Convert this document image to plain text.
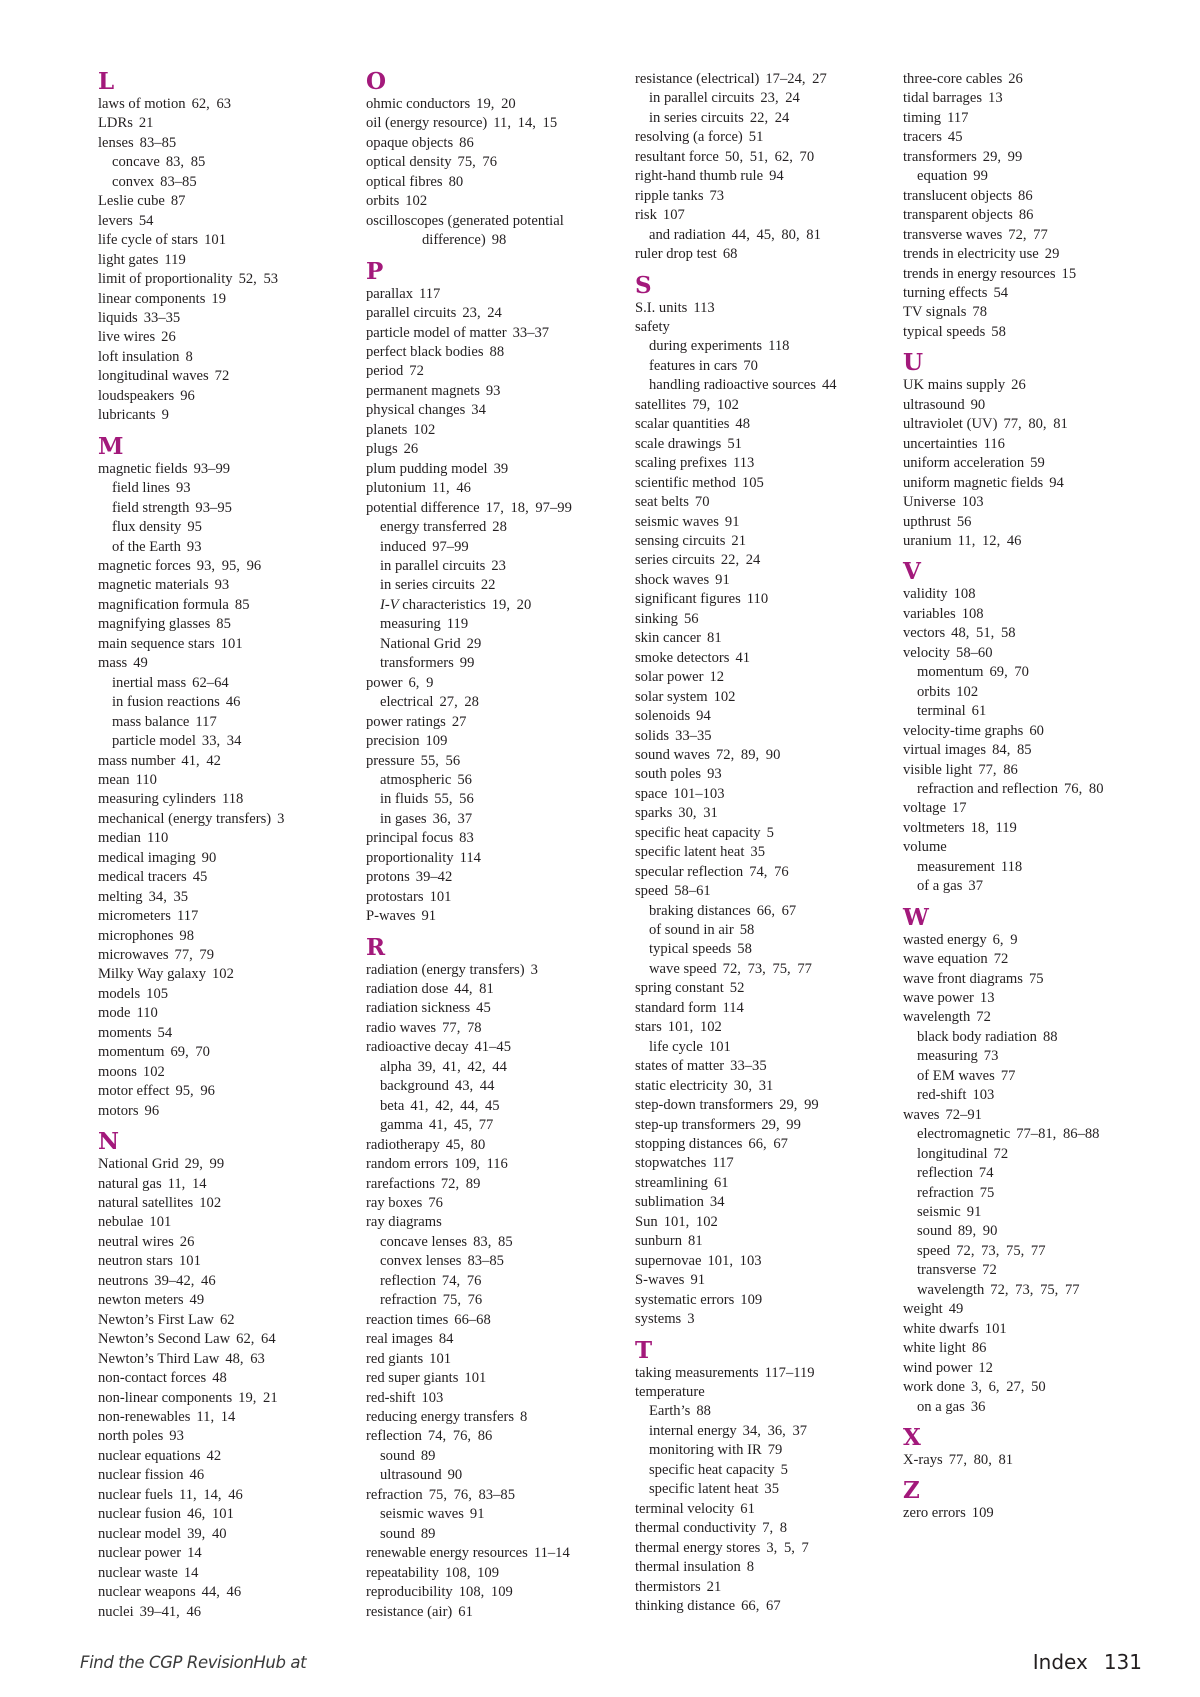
L
laws of motion 62, 63
LDRs 21
lenses 83–85
concave 83, 85
convex 83–85
Leslie cube 87
levers 54
life cycle of stars 101
light gates 119
limit of proportionality 52, 53
linear components 19
liquids 33–35
live wires 26
loft insulation 8
longitudinal waves 72
loudspeakers 96
lubricants 9
M
magnetic fields 93–99
field lines 93
field strength 93–95
flux density 95
of the Earth 93
magnetic forces 93, 95, 96
magnetic materials 93
magnification formula 85
magnifying glasses 85
main sequence stars 101
mass 49
inertial mass 62–64
in fusion reactions 46
mass balance 117
particle model 33, 34
mass number 41, 42
mean 110
measuring cylinders 118
mechanical (energy transfers) 3
median 110
medical imaging 90
medical tracers 45
melting 34, 35
micrometers 117
microphones 98
microwaves 77, 79
Milky Way galaxy 102
models 105
mode 110
moments 54
momentum 69, 70
moons 102
motor effect 95, 96
motors 96
N
National Grid 29, 99
natural gas 11, 14
natural satellites 102
nebulae 101
neutral wires 26
neutron stars 101
neutrons 39–42, 46
newton meters 49
Newton’s First Law 62
Newton’s Second Law 62, 64
Newton’s Third Law 48, 63
non-contact forces 48
non-linear components 19, 21
non-renewables 11, 14
north poles 93
nuclear equations 42
nuclear fission 46
nuclear fuels 11, 14, 46
nuclear fusion 46, 101
nuclear model 39, 40
nuclear power 14
nuclear waste 14
nuclear weapons 44, 46
nuclei 39–41, 46
O
ohmic conductors 19, 20
oil (energy resource) 11, 14, 15
opaque objects 86
optical density 75, 76
optical fibres 80
orbits 102
oscilloscopes (generated potential
difference) 98
P
parallax 117
parallel circuits 23, 24
particle model of matter 33–37
perfect black bodies 88
period 72
permanent magnets 93
physical changes 34
planets 102
plugs 26
plum pudding model 39
plutonium 11, 46
potential difference 17, 18, 97–99
energy transferred 28
induced 97–99
in parallel circuits 23
in series circuits 22
I-V characteristics 19, 20
measuring 119
National Grid 29
transformers 99
power 6, 9
electrical 27, 28
power ratings 27
precision 109
pressure 55, 56
atmospheric 56
in fluids 55, 56
in gases 36, 37
principal focus 83
proportionality 114
protons 39–42
protostars 101
P-waves 91
R
radiation (energy transfers) 3
radiation dose 44, 81
radiation sickness 45
radio waves 77, 78
radioactive decay 41–45
alpha 39, 41, 42, 44
background 43, 44
beta 41, 42, 44, 45
gamma 41, 45, 77
radiotherapy 45, 80
random errors 109, 116
rarefactions 72, 89
ray boxes 76
ray diagrams
concave lenses 83, 85
convex lenses 83–85
reflection 74, 76
refraction 75, 76
reaction times 66–68
real images 84
red giants 101
red super giants 101
red-shift 103
reducing energy transfers 8
reflection 74, 76, 86
sound 89
ultrasound 90
refraction 75, 76, 83–85
seismic waves 91
sound 89
renewable energy resources 11–14
repeatability 108, 109
reproducibility 108, 109
resistance (air) 61
resistance (electrical) 17–24, 27
in parallel circuits 23, 24
in series circuits 22, 24
resolving (a force) 51
resultant force 50, 51, 62, 70
right-hand thumb rule 94
ripple tanks 73
risk 107
and radiation 44, 45, 80, 81
ruler drop test 68
S
S.I. units 113
safety
during experiments 118
features in cars 70
handling radioactive sources 44
satellites 79, 102
scalar quantities 48
scale drawings 51
scaling prefixes 113
scientific method 105
seat belts 70
seismic waves 91
sensing circuits 21
series circuits 22, 24
shock waves 91
significant figures 110
sinking 56
skin cancer 81
smoke detectors 41
solar power 12
solar system 102
solenoids 94
solids 33–35
sound waves 72, 89, 90
south poles 93
space 101–103
sparks 30, 31
specific heat capacity 5
specific latent heat 35
specular reflection 74, 76
speed 58–61
braking distances 66, 67
of sound in air 58
typical speeds 58
wave speed 72, 73, 75, 77
spring constant 52
standard form 114
stars 101, 102
life cycle 101
states of matter 33–35
static electricity 30, 31
step-down transformers 29, 99
step-up transformers 29, 99
stopping distances 66, 67
stopwatches 117
streamlining 61
sublimation 34
Sun 101, 102
sunburn 81
supernovae 101, 103
S-waves 91
systematic errors 109
systems 3
T
taking measurements 117–119
temperature
Earth’s 88
internal energy 34, 36, 37
monitoring with IR 79
specific heat capacity 5
specific latent heat 35
terminal velocity 61
thermal conductivity 7, 8
thermal energy stores 3, 5, 7
thermal insulation 8
thermistors 21
thinking distance 66, 67
three-core cables 26
tidal barrages 13
timing 117
tracers 45
transformers 29, 99
equation 99
translucent objects 86
transparent objects 86
transverse waves 72, 77
trends in electricity use 29
trends in energy resources 15
turning effects 54
TV signals 78
typical speeds 58
U
UK mains supply 26
ultrasound 90
ultraviolet (UV) 77, 80, 81
uncertainties 116
uniform acceleration 59
uniform magnetic fields 94
Universe 103
upthrust 56
uranium 11, 12, 46
V
validity 108
variables 108
vectors 48, 51, 58
velocity 58–60
momentum 69, 70
orbits 102
terminal 61
velocity-time graphs 60
virtual images 84, 85
visible light 77, 86
refraction and reflection 76, 80
voltage 17
voltmeters 18, 119
volume
measurement 118
of a gas 37
W
wasted energy 6, 9
wave equation 72
wave front diagrams 75
wave power 13
wavelength 72
black body radiation 88
measuring 73
of EM waves 77
red-shift 103
waves 72–91
electromagnetic 77–81, 86–88
longitudinal 72
reflection 74
refraction 75
seismic 91
sound 89, 90
speed 72, 73, 75, 77
transverse 72
wavelength 72, 73, 75, 77
weight 49
white dwarfs 101
white light 86
wind power 12
work done 3, 6, 27, 50
on a gas 36
X
X-rays 77, 80, 81
Z
zero errors 109
Find the CGP RevisionHub at	Index 131
